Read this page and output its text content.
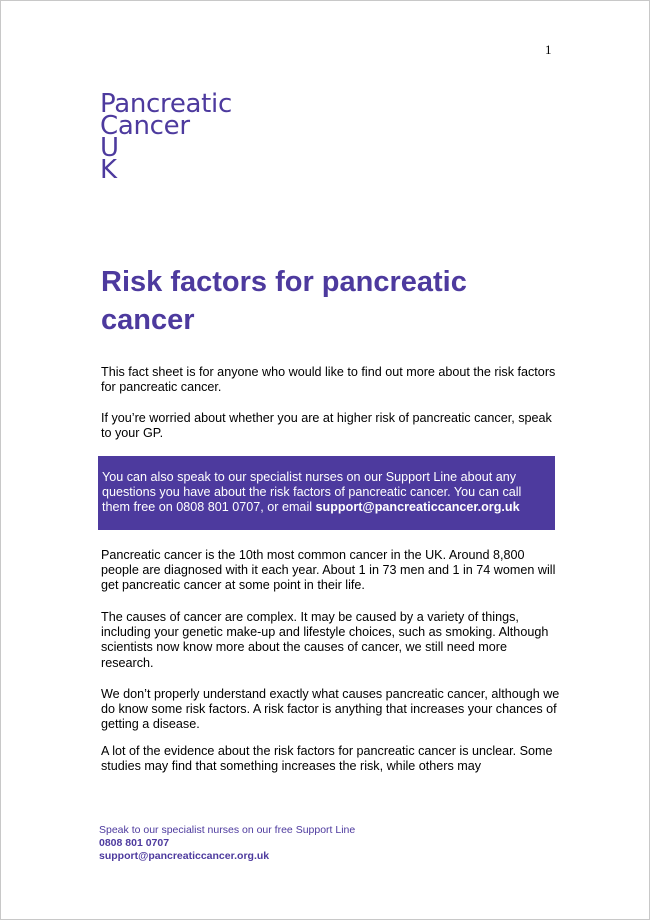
1
Pancreatic
Cancer
U
K
Risk factors for pancreatic cancer

This fact sheet is for anyone who would like to find out more about the risk factors for pancreatic cancer.

If you’re worried about whether you are at higher risk of pancreatic cancer, speak to your GP.

You can also speak to our specialist nurses on our Support Line about any questions you have about the risk factors of pancreatic cancer. You can call them free on 0808 801 0707, or email support@pancreaticcancer.org.uk

Pancreatic cancer is the 10th most common cancer in the UK. Around 8,800 people are diagnosed with it each year. About 1 in 73 men and 1 in 74 women will get pancreatic cancer at some point in their life.

The causes of cancer are complex. It may be caused by a variety of things, including your genetic make-up and lifestyle choices, such as smoking. Although scientists now know more about the causes of cancer, we still need more research.

We don’t properly understand exactly what causes pancreatic cancer, although we do know some risk factors. A risk factor is anything that increases your chances of getting a disease.

A lot of the evidence about the risk factors for pancreatic cancer is unclear. Some studies may find that something increases the risk, while others may

Speak to our specialist nurses on our free Support Line
0808 801 0707
support@pancreaticcancer.org.uk
